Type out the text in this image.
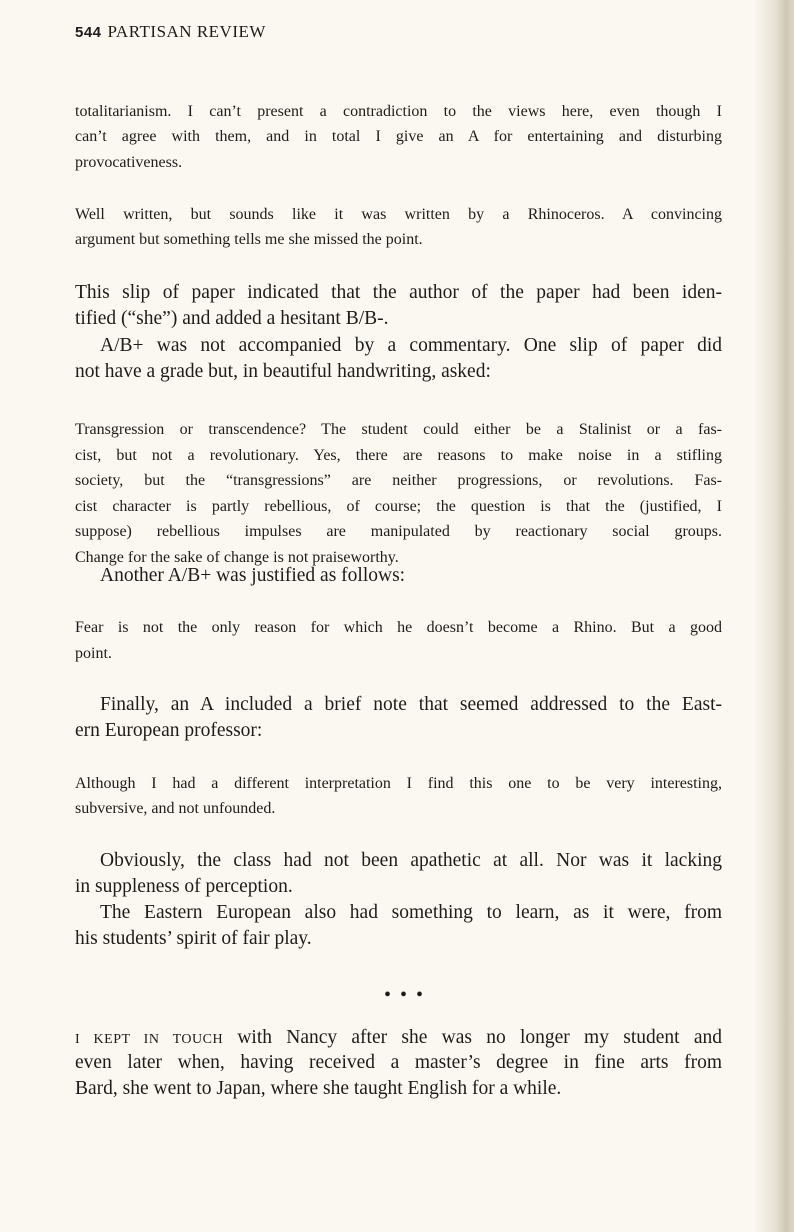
544 PARTISAN REVIEW
totalitarianism. I can’t present a contradiction to the views here, even though I
can’t agree with them, and in total I give an A for entertaining and disturbing
provocativeness.
Well written, but sounds like it was written by a Rhinoceros. A convincing
argument but something tells me she missed the point.
This slip of paper indicated that the author of the paper had been iden-
tified (“she”) and added a hesitant B/B-.
A/B+ was not accompanied by a commentary. One slip of paper did
not have a grade but, in beautiful handwriting, asked:
Transgression or transcendence? The student could either be a Stalinist or a fas-
cist, but not a revolutionary. Yes, there are reasons to make noise in a stifling
society, but the “transgressions” are neither progressions, or revolutions. Fas-
cist character is partly rebellious, of course; the question is that the (justified, I
suppose) rebellious impulses are manipulated by reactionary social groups.
Change for the sake of change is not praiseworthy.
Another A/B+ was justified as follows:
Fear is not the only reason for which he doesn’t become a Rhino. But a good
point.
Finally, an A included a brief note that seemed addressed to the East-
ern European professor:
Although I had a different interpretation I find this one to be very interesting,
subversive, and not unfounded.
Obviously, the class had not been apathetic at all. Nor was it lacking
in suppleness of perception.
The Eastern European also had something to learn, as it were, from
his students’ spirit of fair play.
• • •
I KEPT IN TOUCH with Nancy after she was no longer my student and
even later when, having received a master’s degree in fine arts from
Bard, she went to Japan, where she taught English for a while.
